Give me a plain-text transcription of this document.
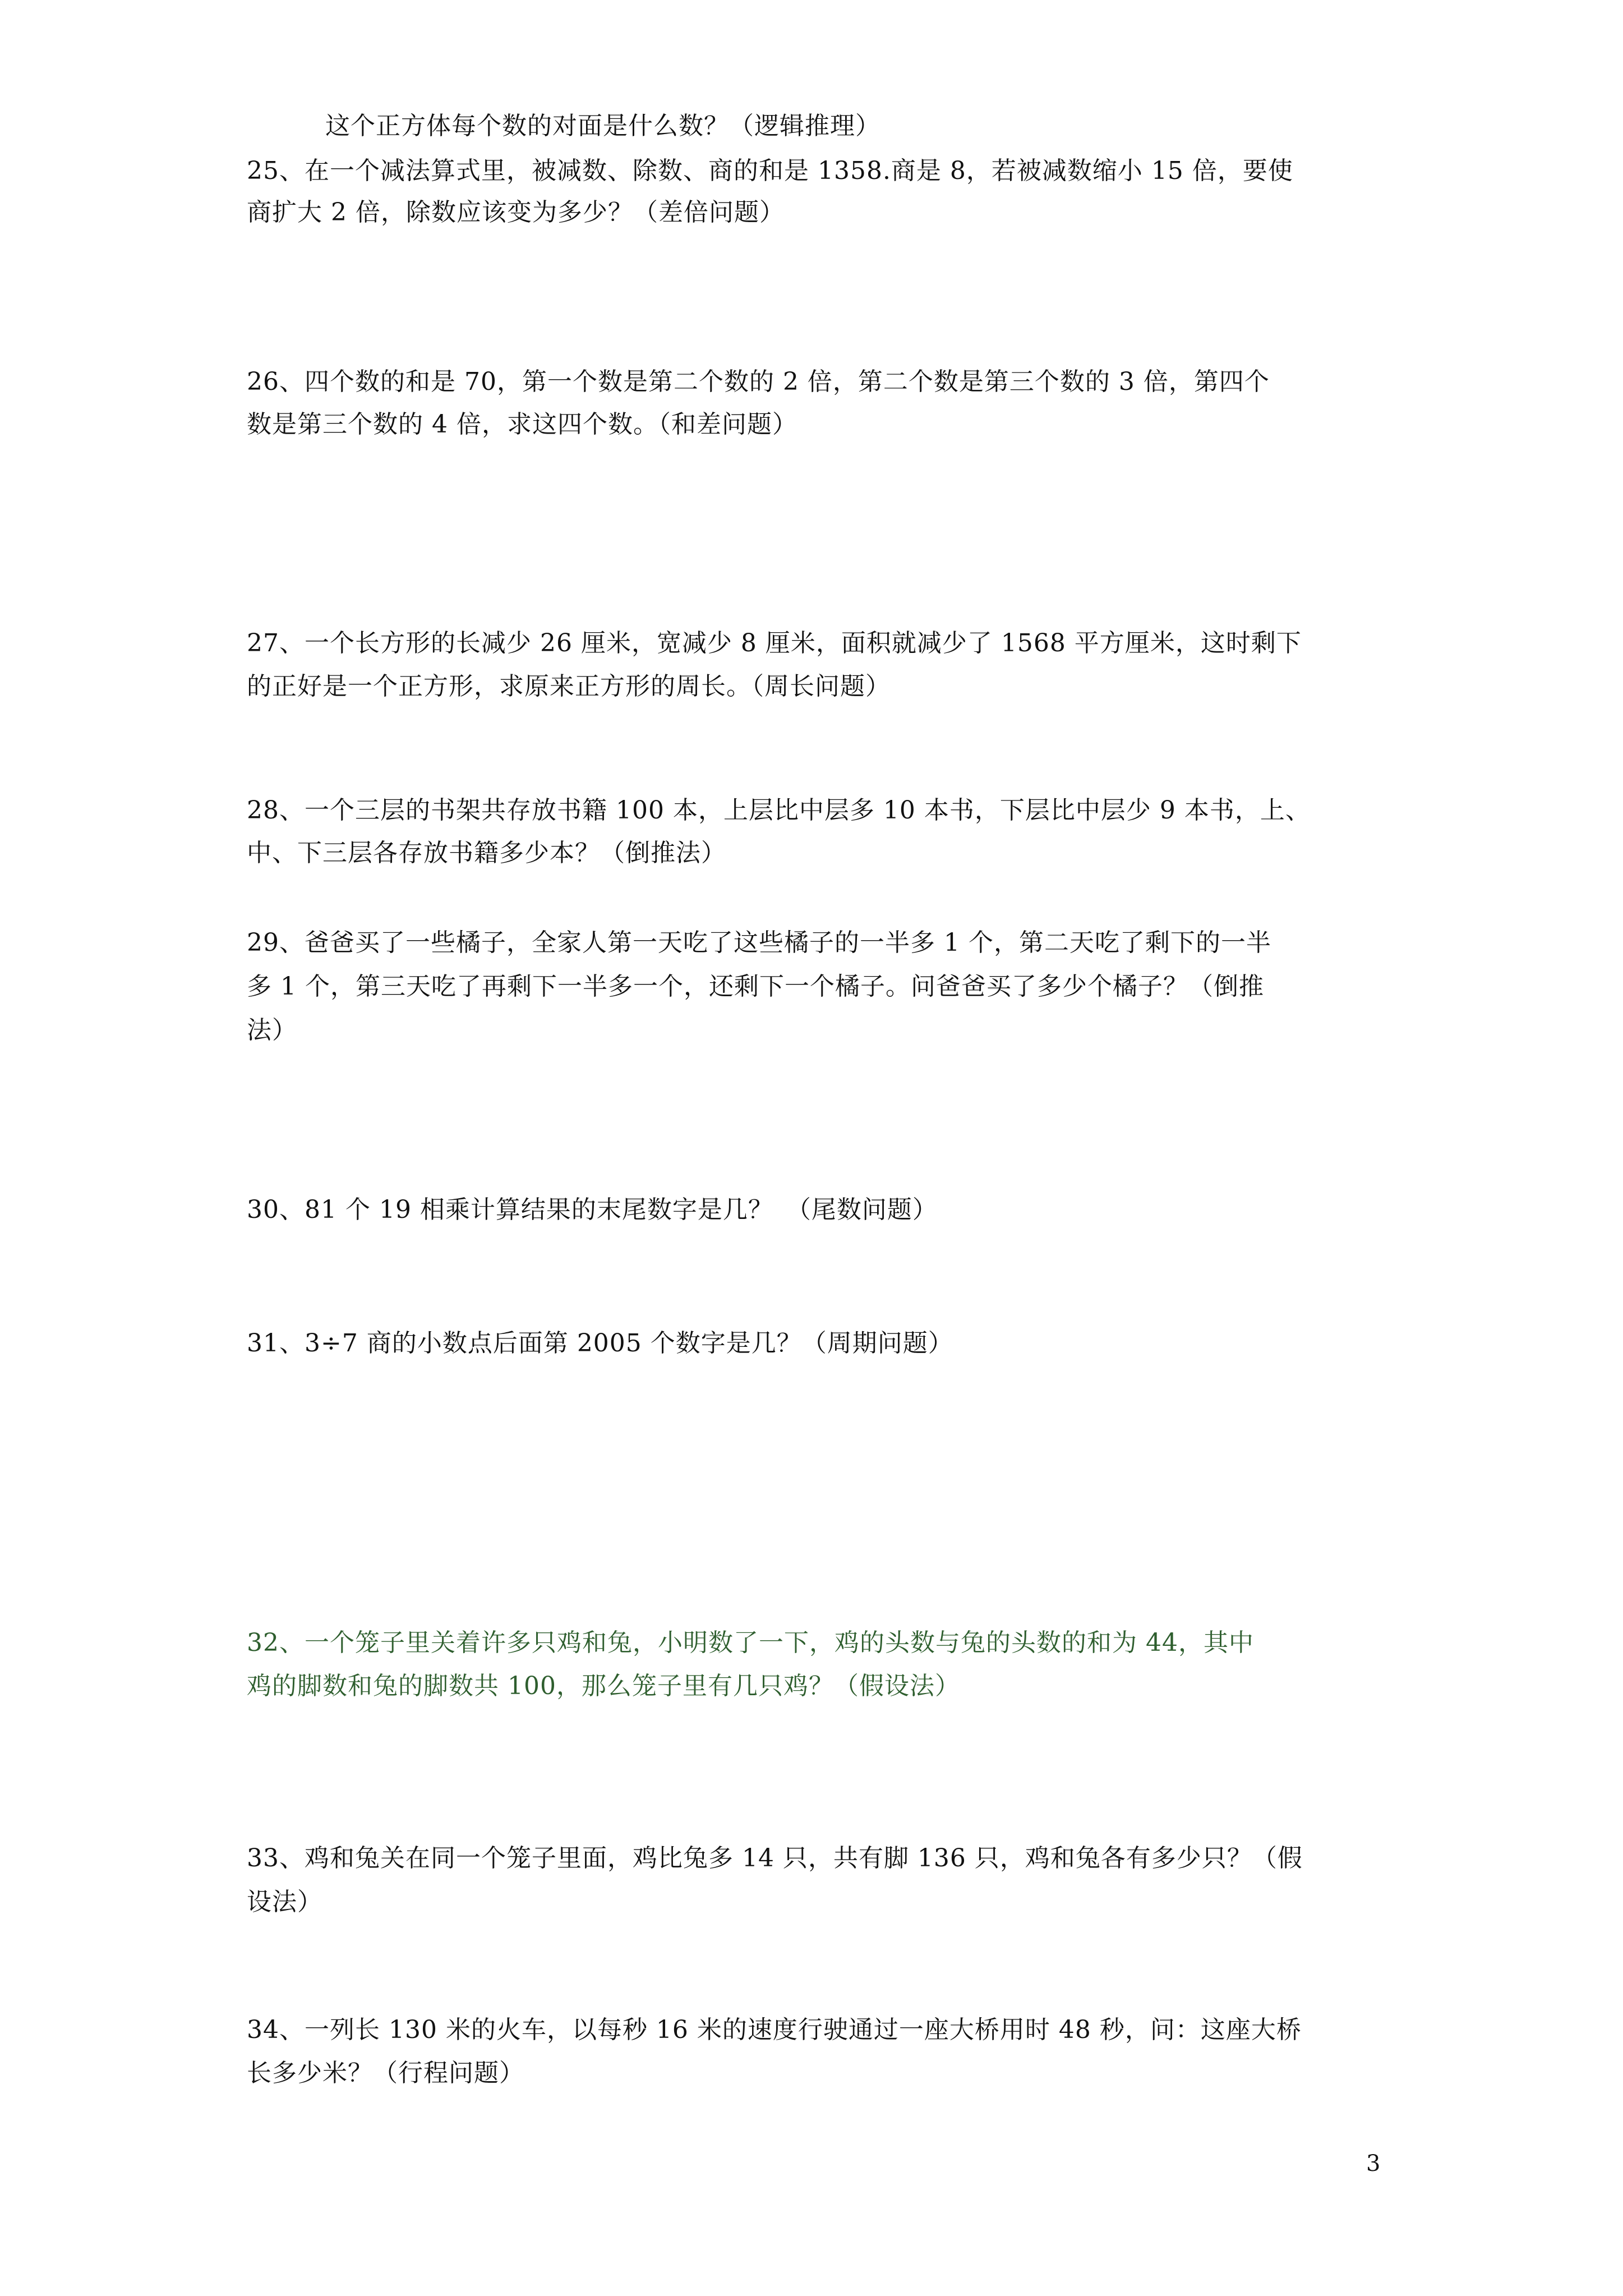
这个正方体每个数的对面是什么数？（逻辑推理）
25、在一个减法算式里，被减数、除数、商的和是 1358.商是 8，若被减数缩小 15 倍，要使
商扩大 2 倍，除数应该变为多少？（差倍问题）
26、四个数的和是 70，第一个数是第二个数的 2 倍，第二个数是第三个数的 3 倍，第四个
数是第三个数的 4 倍，求这四个数。（和差问题）
27、一个长方形的长减少 26 厘米，宽减少 8 厘米，面积就减少了 1568 平方厘米，这时剩下
的正好是一个正方形，求原来正方形的周长。（周长问题）
28、一个三层的书架共存放书籍 100 本，上层比中层多 10 本书，下层比中层少 9 本书，上、
中、下三层各存放书籍多少本？（倒推法）
29、爸爸买了一些橘子，全家人第一天吃了这些橘子的一半多 1 个，第二天吃了剩下的一半
多 1 个，第三天吃了再剩下一半多一个，还剩下一个橘子。问爸爸买了多少个橘子？（倒推
法）
30、81 个 19 相乘计算结果的末尾数字是几？　（尾数问题）
31、3÷7 商的小数点后面第 2005 个数字是几？（周期问题）
32、一个笼子里关着许多只鸡和兔，小明数了一下，鸡的头数与兔的头数的和为 44，其中
鸡的脚数和兔的脚数共 100，那么笼子里有几只鸡？（假设法）
33、鸡和兔关在同一个笼子里面，鸡比兔多 14 只，共有脚 136 只，鸡和兔各有多少只？（假
设法）
34、一列长 130 米的火车，以每秒 16 米的速度行驶通过一座大桥用时 48 秒，问：这座大桥
长多少米？（行程问题）
3
